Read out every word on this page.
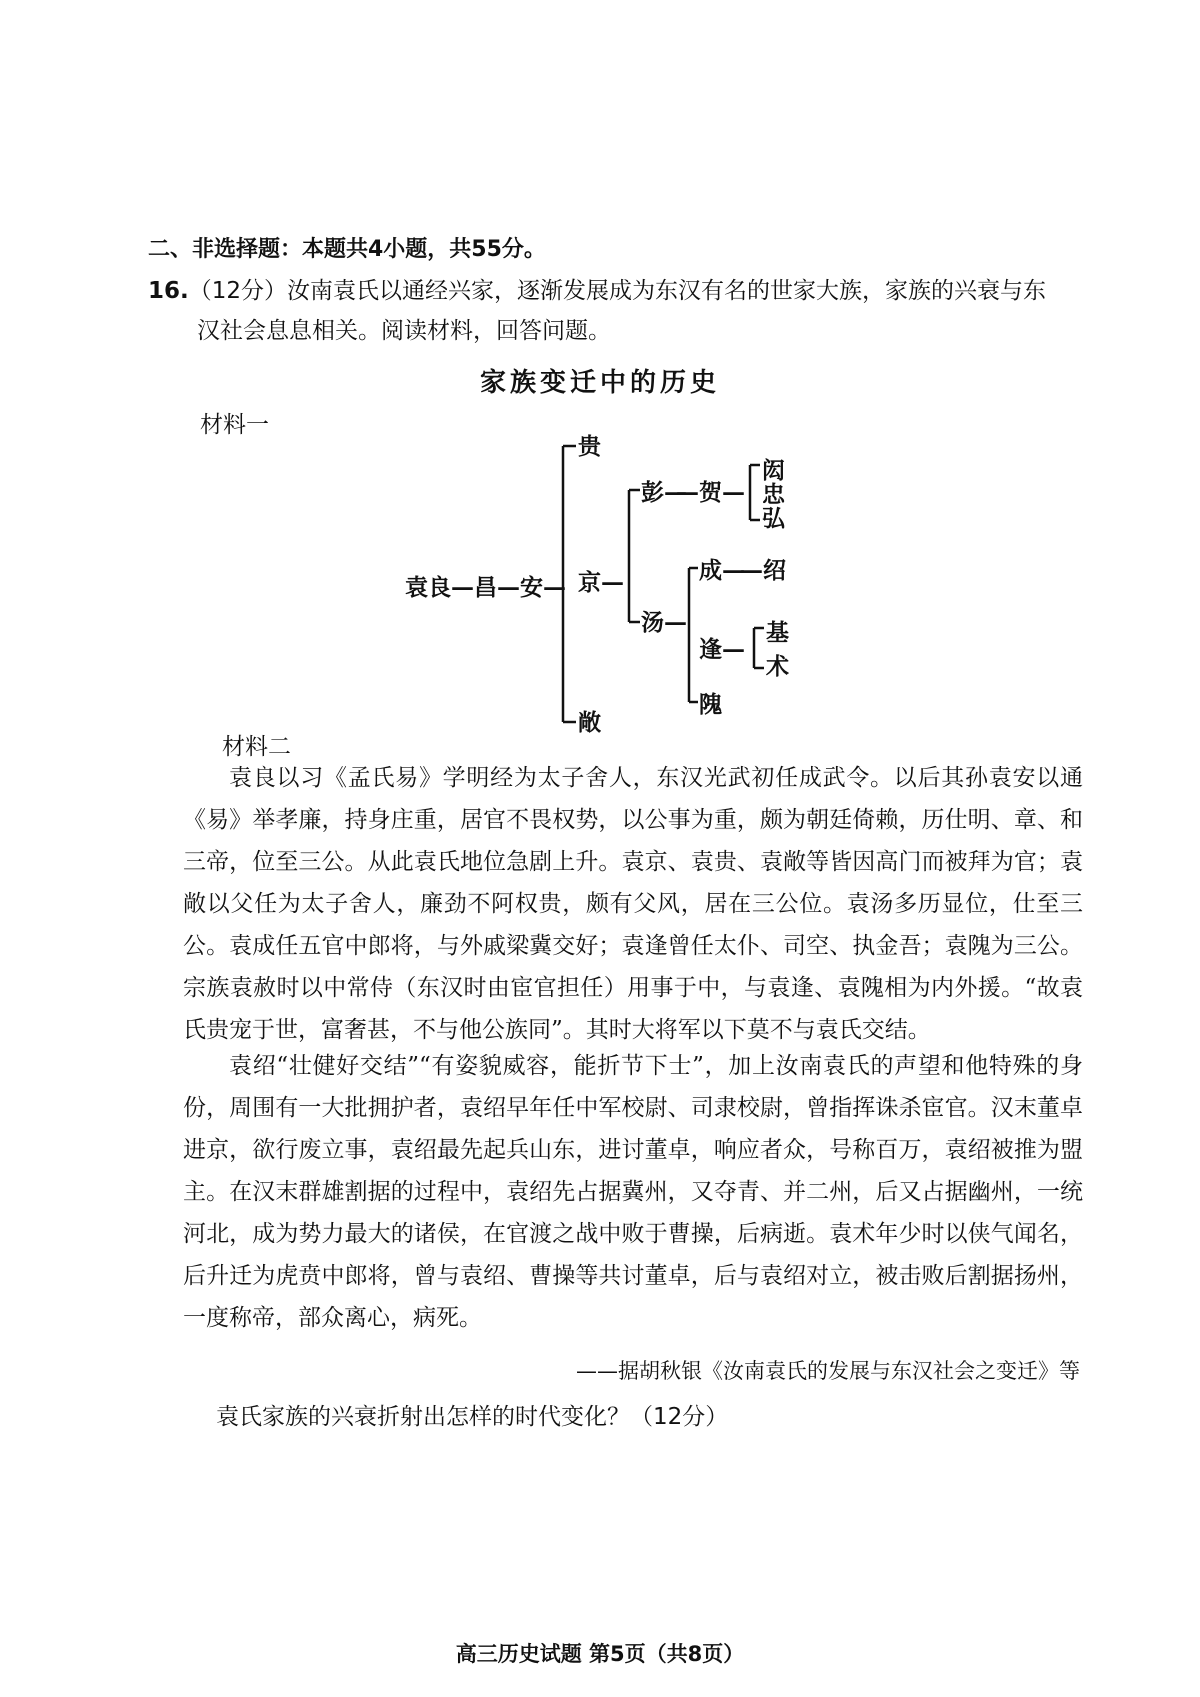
二、非选择题：本题共4小题，共55分。
16.（12分）汝南袁氏以通经兴家，逐渐发展成为东汉有名的世家大族，家族的兴衰与东
汉社会息息相关。阅读材料，回答问题。
家族变迁中的历史
材料一
袁良—昌—安—
贵
京—
敞
彭—
—贺—
闳
忠
弘
汤—
成—
—绍
逢—
基
术
隗
材料二
袁良以习《孟氏易》学明经为太子舍人，东汉光武初任成武令。以后其孙袁安以通《易》举孝廉，持身庄重，居官不畏权势，以公事为重，颇为朝廷倚赖，历仕明、章、和三帝，位至三公。从此袁氏地位急剧上升。袁京、袁贵、袁敞等皆因高门而被拜为官；袁敞以父任为太子舍人，廉劲不阿权贵，颇有父风，居在三公位。袁汤多历显位，仕至三公。袁成任五官中郎将，与外戚梁冀交好；袁逢曾任太仆、司空、执金吾；袁隗为三公。宗族袁赦时以中常侍（东汉时由宦官担任）用事于中，与袁逢、袁隗相为内外援。“故袁氏贵宠于世，富奢甚，不与他公族同”。其时大将军以下莫不与袁氏交结。
袁绍“壮健好交结”“有姿貌威容，能折节下士”，加上汝南袁氏的声望和他特殊的身份，周围有一大批拥护者，袁绍早年任中军校尉、司隶校尉，曾指挥诛杀宦官。汉末董卓进京，欲行废立事，袁绍最先起兵山东，进讨董卓，响应者众，号称百万，袁绍被推为盟主。在汉末群雄割据的过程中，袁绍先占据冀州，又夺青、并二州，后又占据幽州，一统河北，成为势力最大的诸侯，在官渡之战中败于曹操，后病逝。袁术年少时以侠气闻名，后升迁为虎贲中郎将，曾与袁绍、曹操等共讨董卓，后与袁绍对立，被击败后割据扬州，一度称帝，部众离心，病死。
——据胡秋银《汝南袁氏的发展与东汉社会之变迁》等
袁氏家族的兴衰折射出怎样的时代变化？（12分）
高三历史试题 第5页（共8页）
